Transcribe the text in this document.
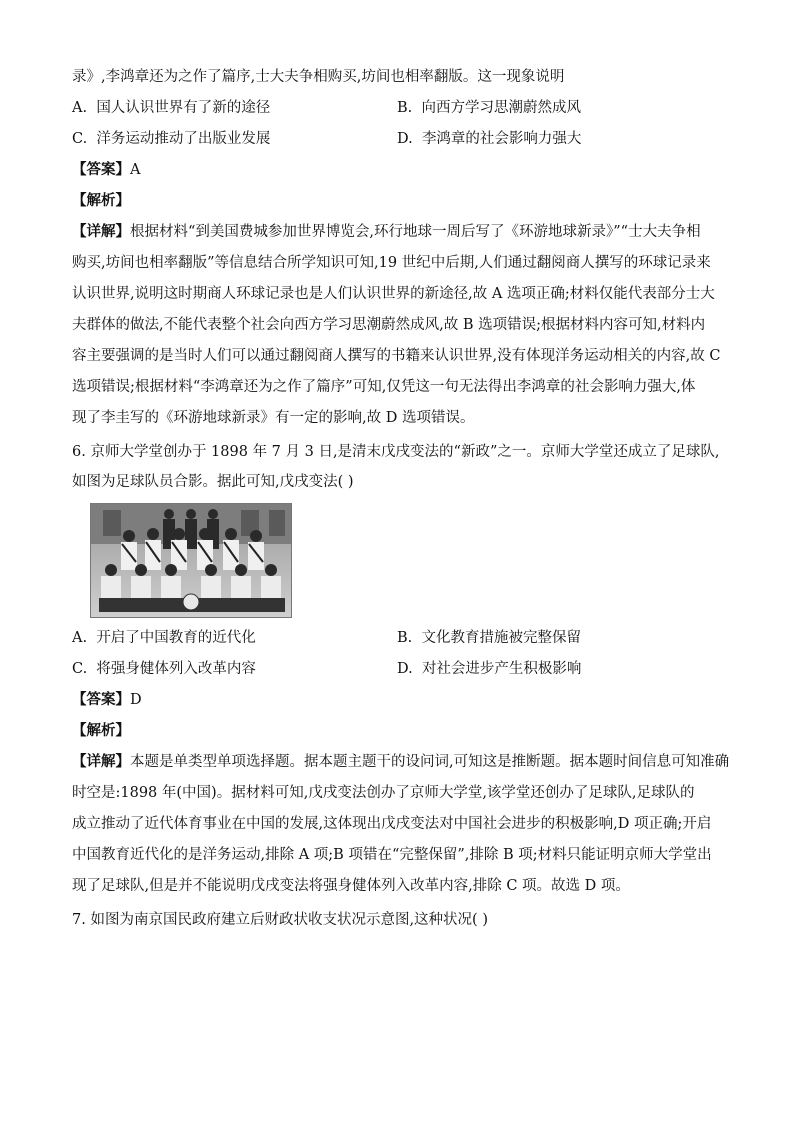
录》,李鸿章还为之作了篇序,士大夫争相购买,坊间也相率翻版。这一现象说明
A. 国人认识世界有了新的途径	B. 向西方学习思潮蔚然成风
C. 洋务运动推动了出版业发展	D. 李鸿章的社会影响力强大
【答案】A
【解析】
【详解】根据材料“到美国费城参加世界博览会,环行地球一周后写了《环游地球新录》”“士大夫争相
购买,坊间也相率翻版”等信息结合所学知识可知,19 世纪中后期,人们通过翻阅商人撰写的环球记录来
认识世界,说明这时期商人环球记录也是人们认识世界的新途径,故 A 选项正确;材料仅能代表部分士大
夫群体的做法,不能代表整个社会向西方学习思潮蔚然成风,故 B 选项错误;根据材料内容可知,材料内
容主要强调的是当时人们可以通过翻阅商人撰写的书籍来认识世界,没有体现洋务运动相关的内容,故 C
选项错误;根据材料“李鸿章还为之作了篇序”可知,仅凭这一句无法得出李鸿章的社会影响力强大,体
现了李圭写的《环游地球新录》有一定的影响,故 D 选项错误。
6. 京师大学堂创办于 1898 年 7 月 3 日,是清末戊戌变法的“新政”之一。京师大学堂还成立了足球队,
如图为足球队员合影。据此可知,戊戌变法( )
A. 开启了中国教育的近代化	B. 文化教育措施被完整保留
C. 将强身健体列入改革内容	D. 对社会进步产生积极影响
【答案】D
【解析】
【详解】本题是单类型单项选择题。据本题主题干的设问词,可知这是推断题。据本题时间信息可知准确
时空是:1898 年(中国)。据材料可知,戊戌变法创办了京师大学堂,该学堂还创办了足球队,足球队的
成立推动了近代体育事业在中国的发展,这体现出戊戌变法对中国社会进步的积极影响,D 项正确;开启
中国教育近代化的是洋务运动,排除 A 项;B 项错在“完整保留”,排除 B 项;材料只能证明京师大学堂出
现了足球队,但是并不能说明戊戌变法将强身健体列入改革内容,排除 C 项。故选 D 项。
7. 如图为南京国民政府建立后财政状收支状况示意图,这种状况( )
